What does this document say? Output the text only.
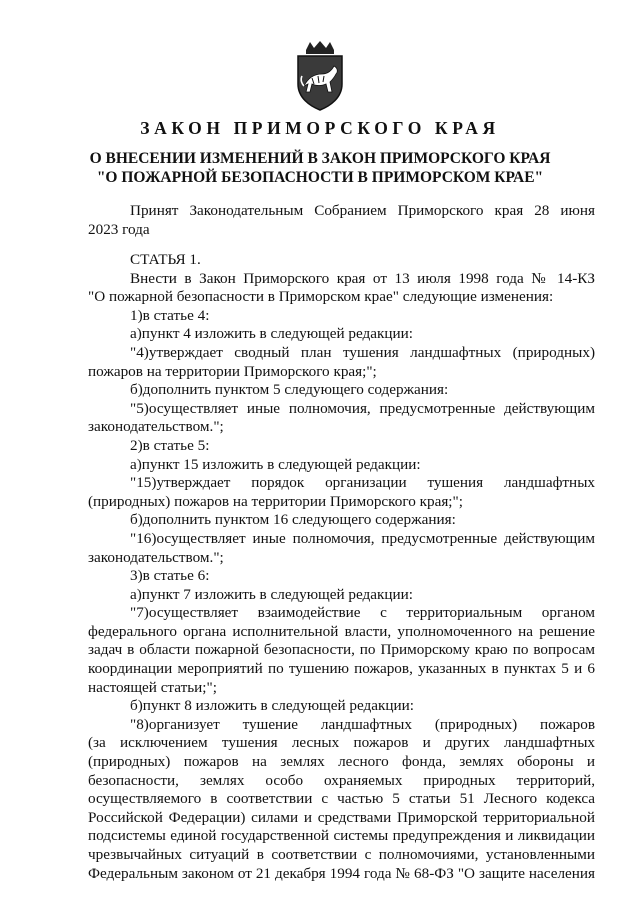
ЗАКОН ПРИМОРСКОГО КРАЯ
О ВНЕСЕНИИ ИЗМЕНЕНИЙ В ЗАКОН ПРИМОРСКОГО КРАЯ
"О ПОЖАРНОЙ БЕЗОПАСНОСТИ В ПРИМОРСКОМ КРАЕ"
Принят Законодательным Собранием Приморского края 28 июня
2023 года
СТАТЬЯ 1.
Внести в Закон Приморского края от 13 июля 1998 года № 14-КЗ
"О пожарной безопасности в Приморском крае" следующие изменения:
1)в статье 4:
а)пункт 4 изложить в следующей редакции:
"4)утверждает сводный план тушения ландшафтных (природных)
пожаров на территории Приморского края;";
б)дополнить пунктом 5 следующего содержания:
"5)осуществляет иные полномочия, предусмотренные действующим
законодательством.";
2)в статье 5:
а)пункт 15 изложить в следующей редакции:
"15)утверждает порядок организации тушения ландшафтных
(природных) пожаров на территории Приморского края;";
б)дополнить пунктом 16 следующего содержания:
"16)осуществляет иные полномочия, предусмотренные действующим
законодательством.";
3)в статье 6:
а)пункт 7 изложить в следующей редакции:
"7)осуществляет взаимодействие с территориальным органом
федерального органа исполнительной власти, уполномоченного на решение
задач в области пожарной безопасности, по Приморскому краю по вопросам
координации мероприятий по тушению пожаров, указанных в пунктах 5 и 6
настоящей статьи;";
б)пункт 8 изложить в следующей редакции:
"8)организует тушение ландшафтных (природных) пожаров
(за исключением тушения лесных пожаров и других ландшафтных
(природных) пожаров на землях лесного фонда, землях обороны и
безопасности, землях особо охраняемых природных территорий,
осуществляемого в соответствии с частью 5 статьи 51 Лесного кодекса
Российской Федерации) силами и средствами Приморской территориальной
подсистемы единой государственной системы предупреждения и ликвидации
чрезвычайных ситуаций в соответствии с полномочиями, установленными
Федеральным законом от 21 декабря 1994 года № 68-ФЗ "О защите населения
